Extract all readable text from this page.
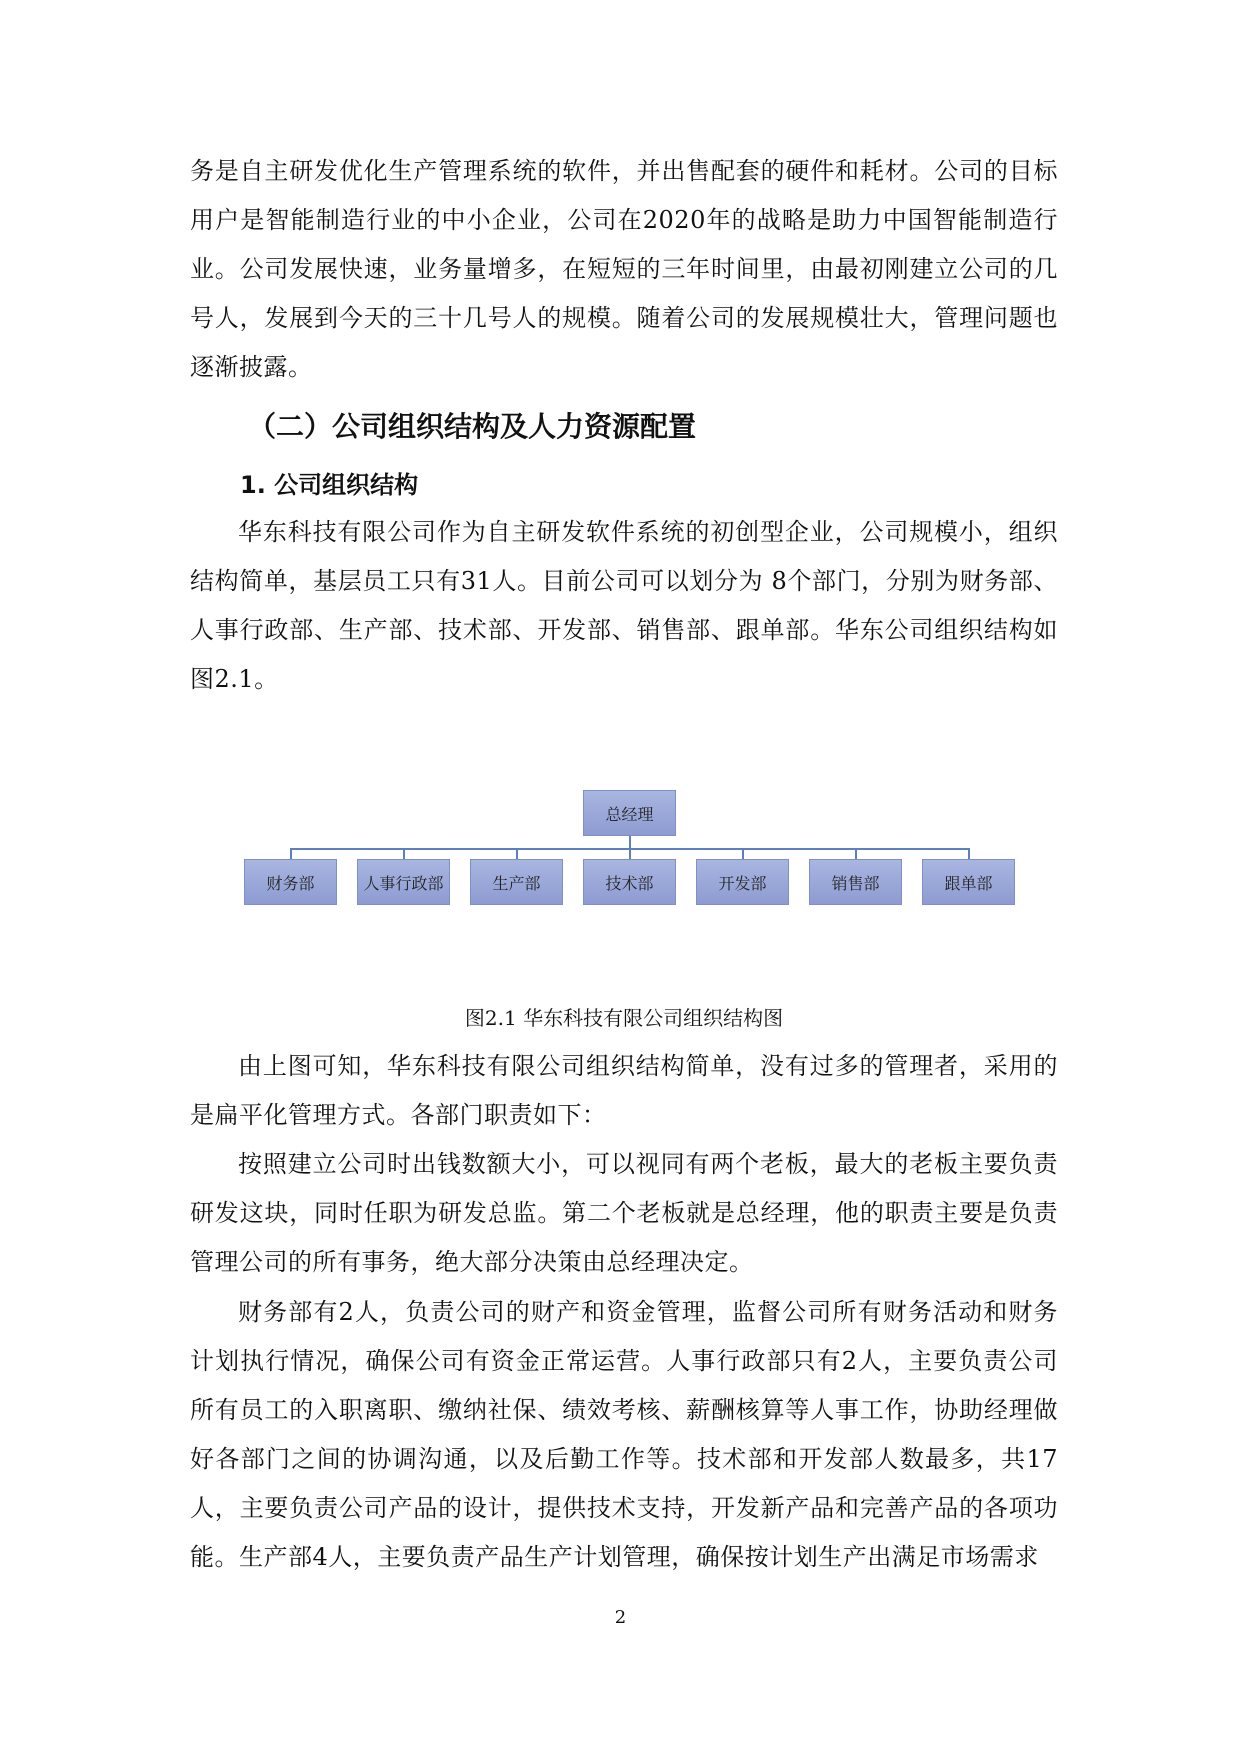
务是自主研发优化生产管理系统的软件，并出售配套的硬件和耗材。公司的目标用户是智能制造行业的中小企业，公司在2020年的战略是助力中国智能制造行业。公司发展快速，业务量增多，在短短的三年时间里，由最初刚建立公司的几号人，发展到今天的三十几号人的规模。随着公司的发展规模壮大，管理问题也逐渐披露。

（二）公司组织结构及人力资源配置
1. 公司组织结构

华东科技有限公司作为自主研发软件系统的初创型企业，公司规模小，组织结构简单，基层员工只有31人。目前公司可以划分为 8个部门，分别为财务部、人事行政部、生产部、技术部、开发部、销售部、跟单部。华东公司组织结构如图2.1。

总经理
财务部	人事行政部	生产部	技术部	开发部	销售部	跟单部

图2.1 华东科技有限公司组织结构图

由上图可知，华东科技有限公司组织结构简单，没有过多的管理者，采用的是扁平化管理方式。各部门职责如下：

按照建立公司时出钱数额大小，可以视同有两个老板，最大的老板主要负责研发这块，同时任职为研发总监。第二个老板就是总经理，他的职责主要是负责管理公司的所有事务，绝大部分决策由总经理决定。

财务部有2人，负责公司的财产和资金管理，监督公司所有财务活动和财务计划执行情况，确保公司有资金正常运营。人事行政部只有2人，主要负责公司所有员工的入职离职、缴纳社保、绩效考核、薪酬核算等人事工作，协助经理做好各部门之间的协调沟通，以及后勤工作等。技术部和开发部人数最多，共17人，主要负责公司产品的设计，提供技术支持，开发新产品和完善产品的各项功能。生产部4人，主要负责产品生产计划管理，确保按计划生产出满足市场需求

2
